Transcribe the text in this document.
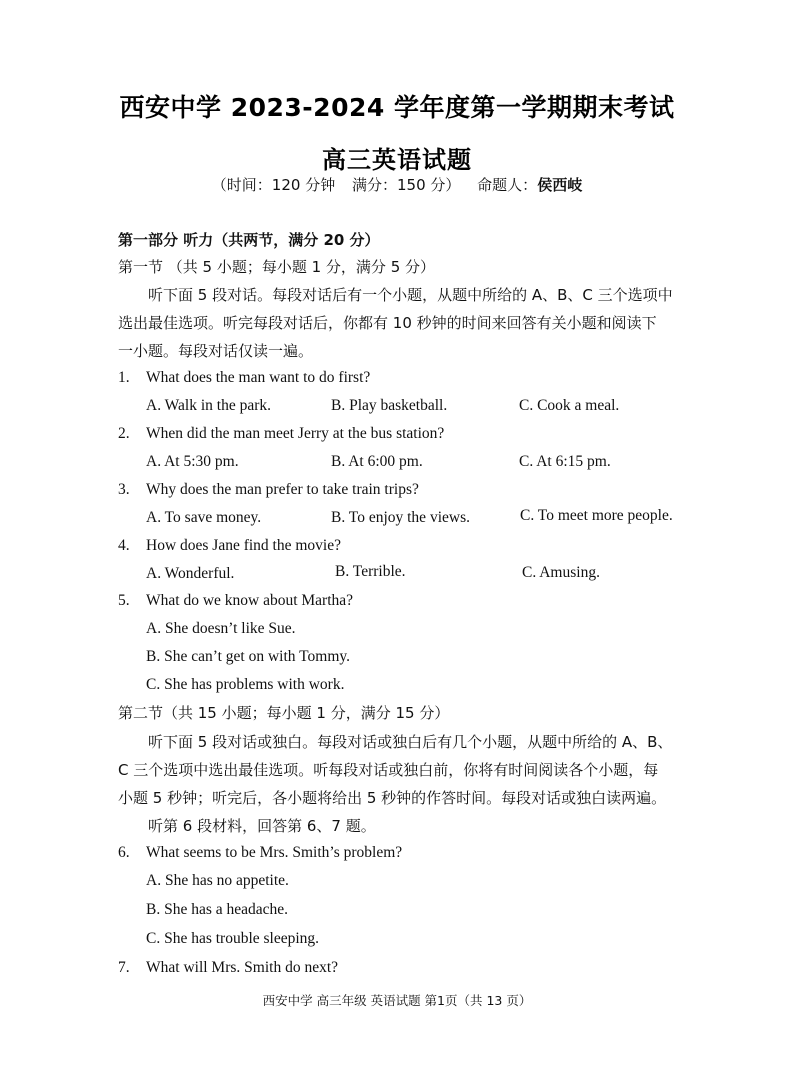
西安中学 2023-2024 学年度第一学期期末考试
高三英语试题
（时间：120 分钟 满分：150 分） 命题人：侯西岐
第一部分 听力（共两节，满分 20 分）
第一节 （共 5 小题；每小题 1 分，满分 5 分）
听下面 5 段对话。每段对话后有一个小题，从题中所给的 A、B、C 三个选项中
选出最佳选项。听完每段对话后，你都有 10 秒钟的时间来回答有关小题和阅读下
一小题。每段对话仅读一遍。
1. What does the man want to do first?
A. Walk in the park.	B. Play basketball.	C. Cook a meal.
2. When did the man meet Jerry at the bus station?
A. At 5:30 pm.	B. At 6:00 pm.	C. At 6:15 pm.
3. Why does the man prefer to take train trips?
A. To save money.	B. To enjoy the views.	C. To meet more people.
4. How does Jane find the movie?
A. Wonderful.	B. Terrible.	C. Amusing.
5. What do we know about Martha?
A. She doesn’t like Sue.
B. She can’t get on with Tommy.
C. She has problems with work.
第二节（共 15 小题；每小题 1 分，满分 15 分）
听下面 5 段对话或独白。每段对话或独白后有几个小题，从题中所给的 A、B、
C 三个选项中选出最佳选项。听每段对话或独白前，你将有时间阅读各个小题，每
小题 5 秒钟；听完后，各小题将给出 5 秒钟的作答时间。每段对话或独白读两遍。
听第 6 段材料，回答第 6、7 题。
6. What seems to be Mrs. Smith’s problem?
A. She has no appetite.
B. She has a headache.
C. She has trouble sleeping.
7. What will Mrs. Smith do next?
西安中学 高三年级 英语试题 第1页（共 13 页）
